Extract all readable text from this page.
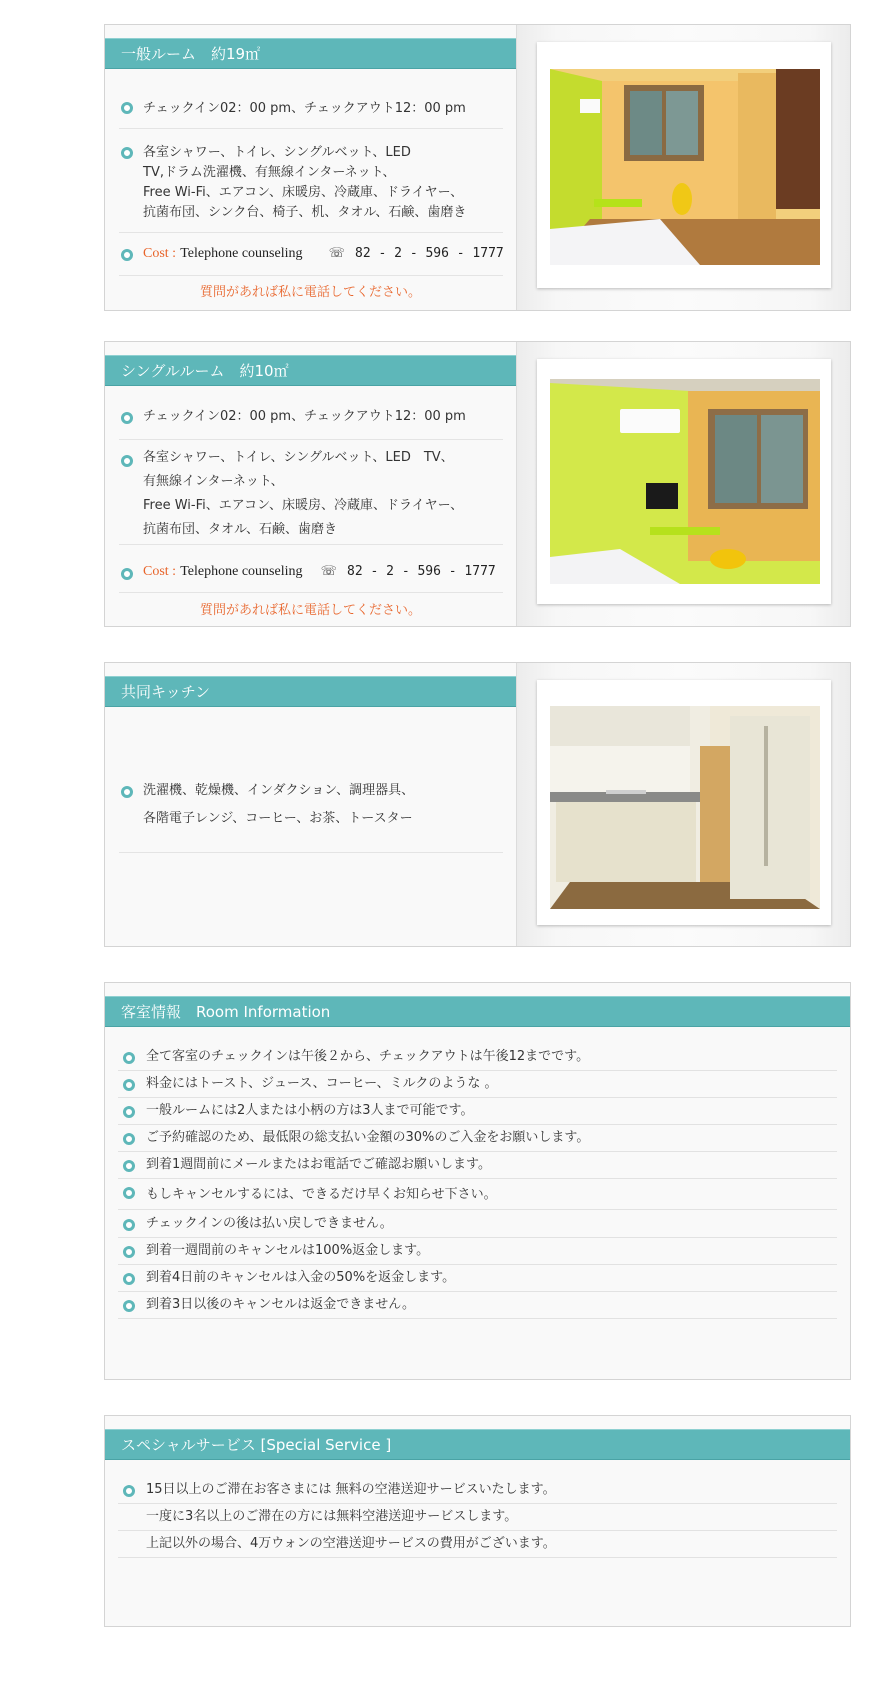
一般ルーム　約19㎡
チェックイン02：00 pm、チェックアウト12：00 pm
各室シャワー、トイレ、シングルベット、LED
TV,ドラム洗濯機、有無線インターネット、
Free Wi-Fi、エアコン、床暖房、冷蔵庫、ドライヤー、
抗菌布団、シンク台、椅子、机、タオル、石鹸、歯磨き
Cost : Telephone counseling ☏ 82 - 2 - 596 - 1777
質問があれば私に電話してください。
シングルルーム　約10㎡
チェックイン02：00 pm、チェックアウト12：00 pm
各室シャワー、トイレ、シングルベット、LED　TV、
有無線インターネット、
Free Wi-Fi、エアコン、床暖房、冷蔵庫、ドライヤー、
抗菌布団、タオル、石鹸、歯磨き
Cost : Telephone counseling ☏ 82 - 2 - 596 - 1777
質問があれば私に電話してください。
共同キッチン
洗濯機、乾燥機、インダクション、調理器具、
各階電子レンジ、コーヒー、お茶、トースター
客室情報　Room Information
全て客室のチェックインは午後２から、チェックアウトは午後12までです。
料金にはトースト、ジュース、コーヒー、ミルクのような 。
一般ルームには2人または小柄の方は3人まで可能です。
ご予約確認のため、最低限の総支払い金額の30%のご入金をお願いします。
到着1週間前にメールまたはお電話でご確認お願いします。
もしキャンセルするには、できるだけ早くお知らせ下さい。
チェックインの後は払い戻しできません。
到着一週間前のキャンセルは100%返金します。
到着4日前のキャンセルは入金の50%を返金します。
到着3日以後のキャンセルは返金できません。
スペシャルサービス [Special Service ]
15日以上のご滞在お客さまには 無料の空港送迎サービスいたします。
一度に3名以上のご滞在の方には無料空港送迎サービスします。
上記以外の場合、4万ウォンの空港送迎サービスの費用がございます。
